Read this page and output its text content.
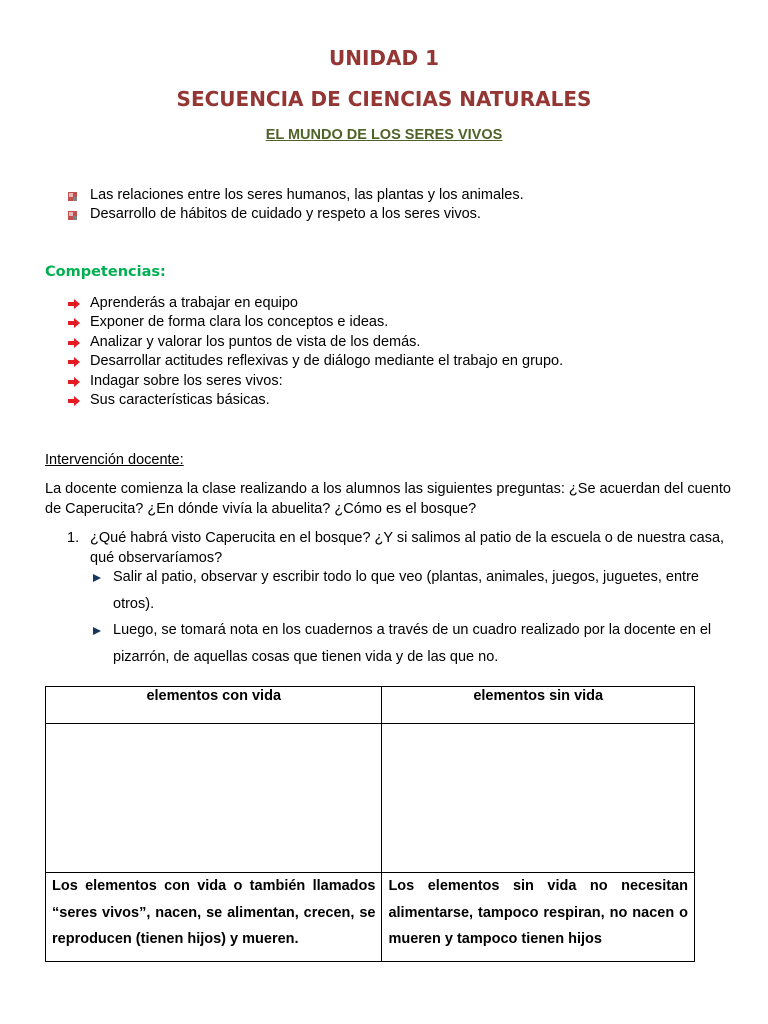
UNIDAD 1
SECUENCIA DE CIENCIAS NATURALES
EL MUNDO DE LOS SERES VIVOS
Las relaciones entre los seres humanos, las plantas y los animales.
Desarrollo de hábitos de cuidado y respeto a los seres vivos.
Competencias:
Aprenderás a trabajar en equipo
Exponer de forma clara los conceptos e ideas.
Analizar y valorar los puntos de vista de los demás.
Desarrollar actitudes reflexivas y de diálogo mediante el trabajo en grupo.
Indagar sobre los seres vivos:
Sus características básicas.
Intervención docente:
La docente comienza la clase realizando a los alumnos las siguientes preguntas: ¿Se acuerdan del cuento de Caperucita? ¿En dónde vivía la abuelita? ¿Cómo es el bosque?
1. ¿Qué habrá visto Caperucita en el bosque? ¿Y si salimos al patio de la escuela o de nuestra casa, qué observaríamos?
Salir al patio, observar y escribir todo lo que veo (plantas, animales, juegos, juguetes, entre otros).
Luego, se tomará nota en los cuadernos a través de un cuadro realizado por la docente en el pizarrón, de aquellas cosas que tienen vida y de las que no.
elementos con vida	elementos sin vida

Los elementos con vida o también llamados “seres vivos”, nacen, se alimentan, crecen, se reproducen (tienen hijos) y mueren.	Los elementos sin vida no necesitan alimentarse, tampoco respiran, no nacen o mueren y tampoco tienen hijos
